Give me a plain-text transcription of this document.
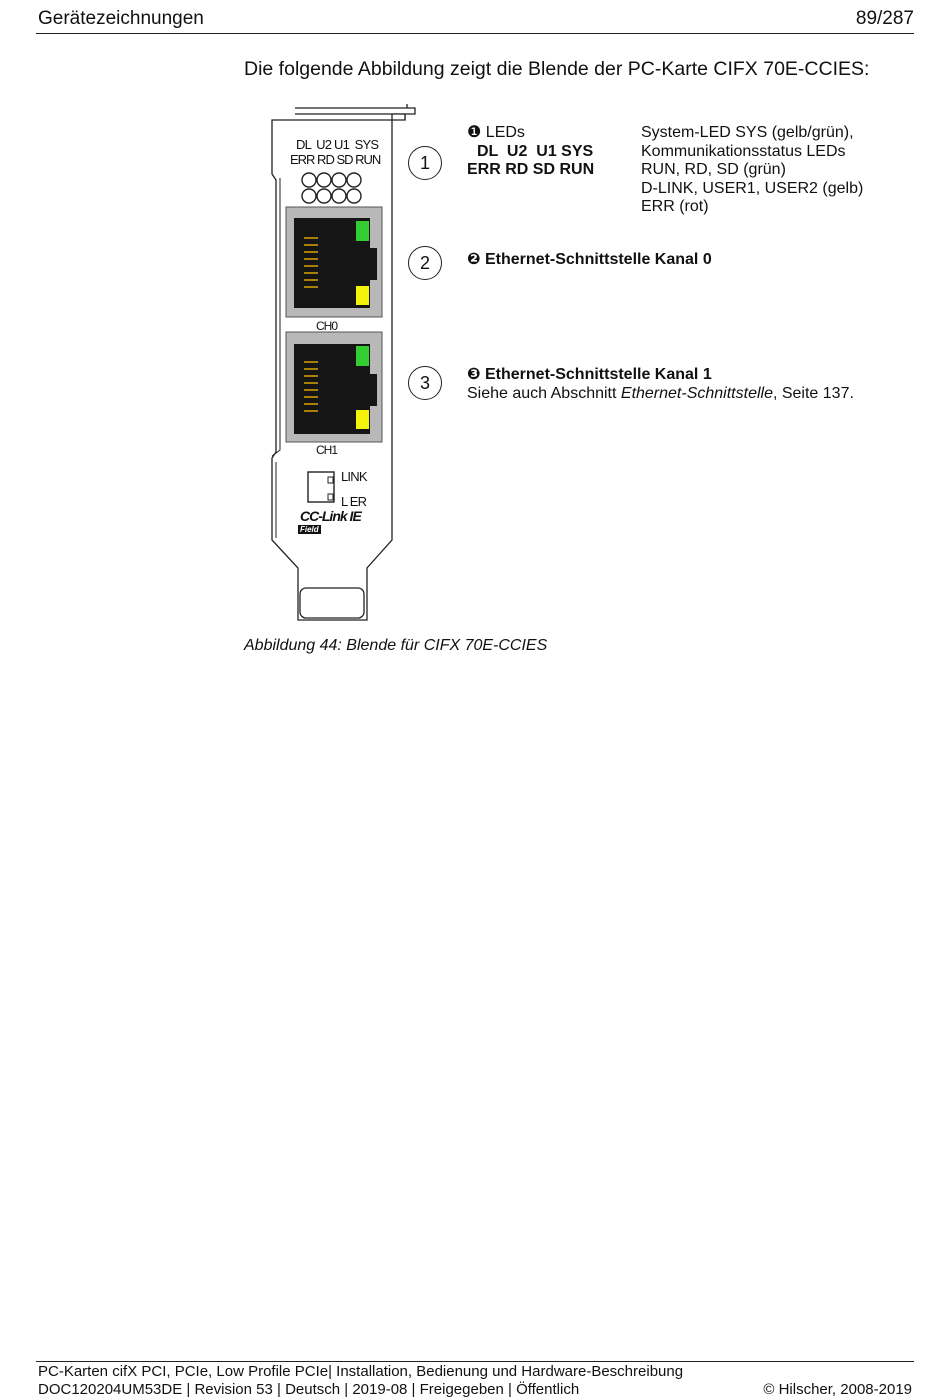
Gerätezeichnungen	89/287
Die folgende Abbildung zeigt die Blende der PC-Karte CIFX 70E-CCIES:
DL  U2 U1  SYS
ERR RD SD RUN
CH0
CH1
LINK
L ER
CC-Link IE
Field
1
2
3
❶ LEDs
DL  U2  U1 SYS
ERR RD SD RUN
System-LED SYS (gelb/grün),
Kommunikationsstatus LEDs
RUN, RD, SD (grün)
D-LINK, USER1, USER2 (gelb)
ERR (rot)
❷ Ethernet-Schnittstelle Kanal 0
❸ Ethernet-Schnittstelle Kanal 1
Siehe auch Abschnitt Ethernet-Schnittstelle, Seite 137.
Abbildung 44: Blende für CIFX 70E-CCIES
PC-Karten cifX PCI, PCIe, Low Profile PCIe| Installation, Bedienung und Hardware-Beschreibung
DOC120204UM53DE | Revision 53 | Deutsch | 2019-08 | Freigegeben | Öffentlich	© Hilscher, 2008-2019
